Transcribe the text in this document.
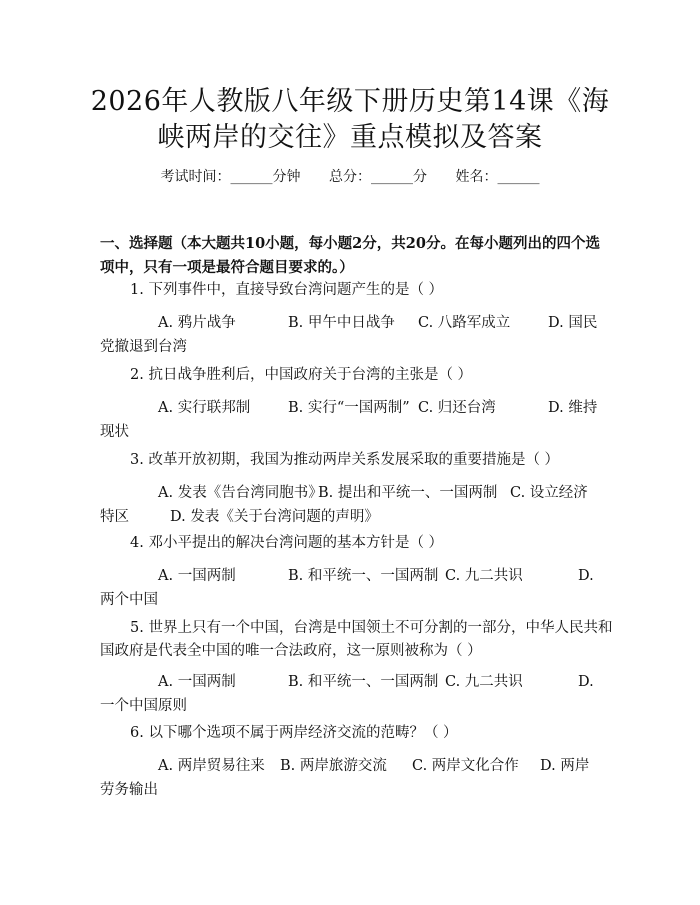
2026年人教版八年级下册历史第14课《海
峡两岸的交往》重点模拟及答案
考试时间：______分钟 总分：______分 姓名：______
一、选择题（本大题共10小题，每小题2分，共20分。在每小题列出的四个选
项中，只有一项是最符合题目要求的。）
1. 下列事件中，直接导致台湾问题产生的是（ ）
A. 鸦片战争	B. 甲午中日战争 C. 八路军成立	D. 国民
党撤退到台湾
2. 抗日战争胜利后，中国政府关于台湾的主张是（ ）
A. 实行联邦制	B. 实行“一国两制” C. 归还台湾	D. 维持
现状
3. 改革开放初期，我国为推动两岸关系发展采取的重要措施是（ ）
A. 发表《告台湾同胞书》
B. 提出和平统一、一国两制 C. 设立经济
特区	D. 发表《关于台湾问题的声明》
4. 邓小平提出的解决台湾问题的基本方针是（ ）
A. 一国两制	B. 和平统一、一国两制 C. 九二共识	D.
两个中国
5. 世界上只有一个中国，台湾是中国领土不可分割的一部分，中华人民共和
国政府是代表全中国的唯一合法政府，这一原则被称为（ ）
A. 一国两制	B. 和平统一、一国两制 C. 九二共识	D.
一个中国原则
6. 以下哪个选项不属于两岸经济交流的范畴？（ ）
A. 两岸贸易往来 B. 两岸旅游交流 C. 两岸文化合作 D. 两岸
劳务输出
